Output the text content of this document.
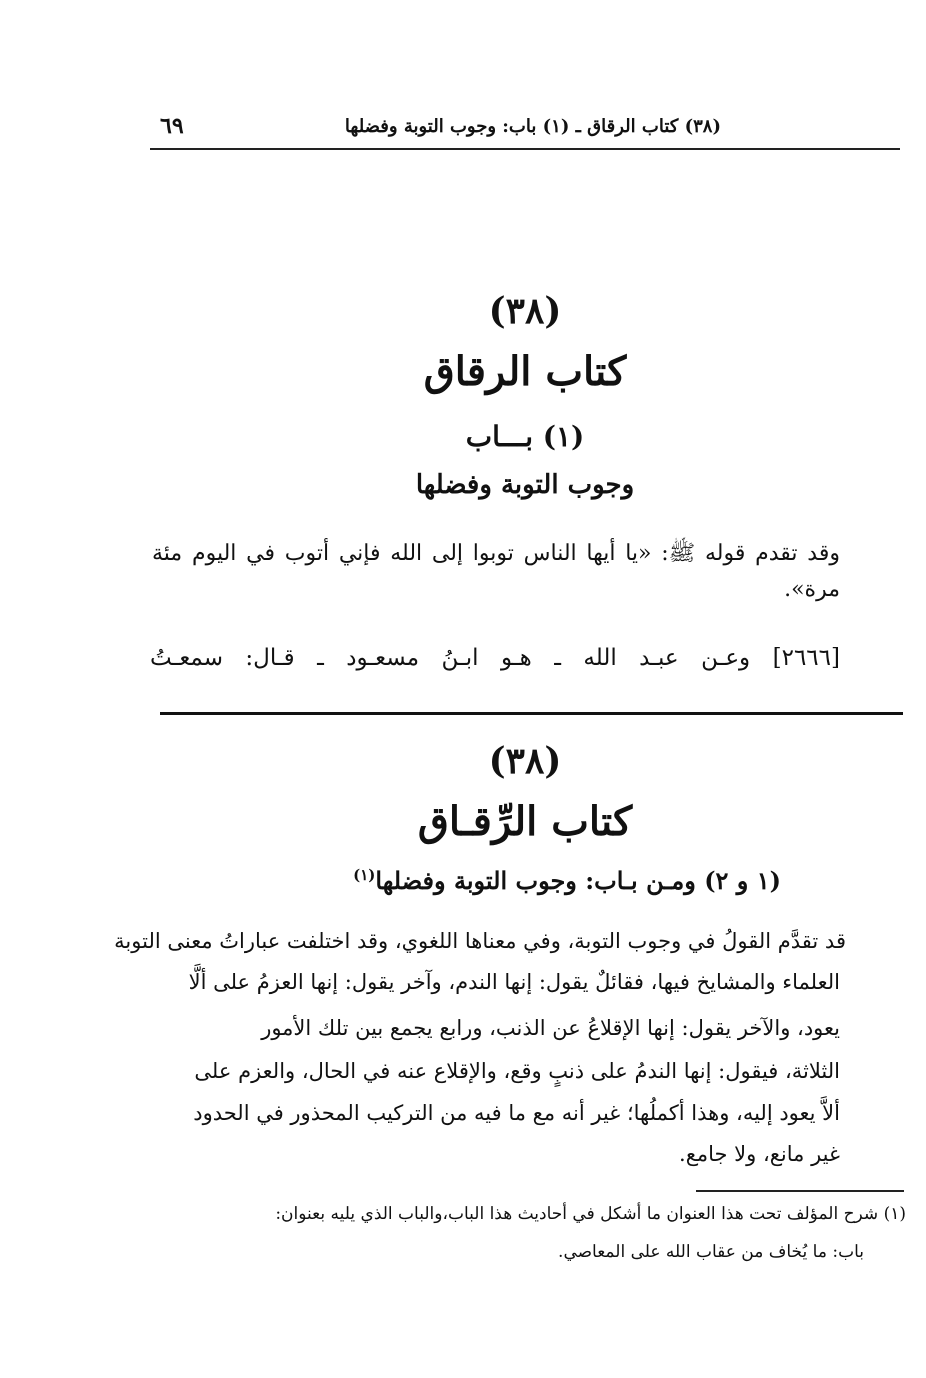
٦٩	(٣٨) كتاب الرقاق ـ (١) باب: وجوب التوبة وفضلها
(٣٨)
كتاب الرقاق
(١) بـــاب
وجوب التوبة وفضلها
وقد تقدم قوله ﷺ: «يا أيها الناس توبوا إلى الله فإني أتوب في اليوم مئة مرة».
[٢٦٦٦] وعـن عبـد الله ـ هـو ابـنُ مسعـود ـ قـال: سمعـتُ
(٣٨)
كتاب الرِّقـاق
(١ و ٢) ومـن بـاب: وجوب التوبة وفضلها$^{(١)}$
قد تقدَّم القولُ في وجوب التوبة، وفي معناها اللغوي، وقد اختلفت عباراتُ معنى التوبة
العلماء والمشايخ فيها، فقائلٌ يقول: إنها الندم، وآخر يقول: إنها العزمُ على ألَّا
يعود، والآخر يقول: إنها الإقلاعُ عن الذنب، ورابع يجمع بين تلك الأمور
الثلاثة، فيقول: إنها الندمُ على ذنبٍ وقع، والإقلاع عنه في الحال، والعزم على
ألاَّ يعود إليه، وهذا أكملُها؛ غير أنه مع ما فيه من التركيب المحذور في الحدود
غير مانع، ولا جامع.
(١) شرح المؤلف تحت هذا العنوان ما أشكل في أحاديث هذا الباب،والباب الذي يليه بعنوان:
باب: ما يُخاف من عقاب الله على المعاصي.
